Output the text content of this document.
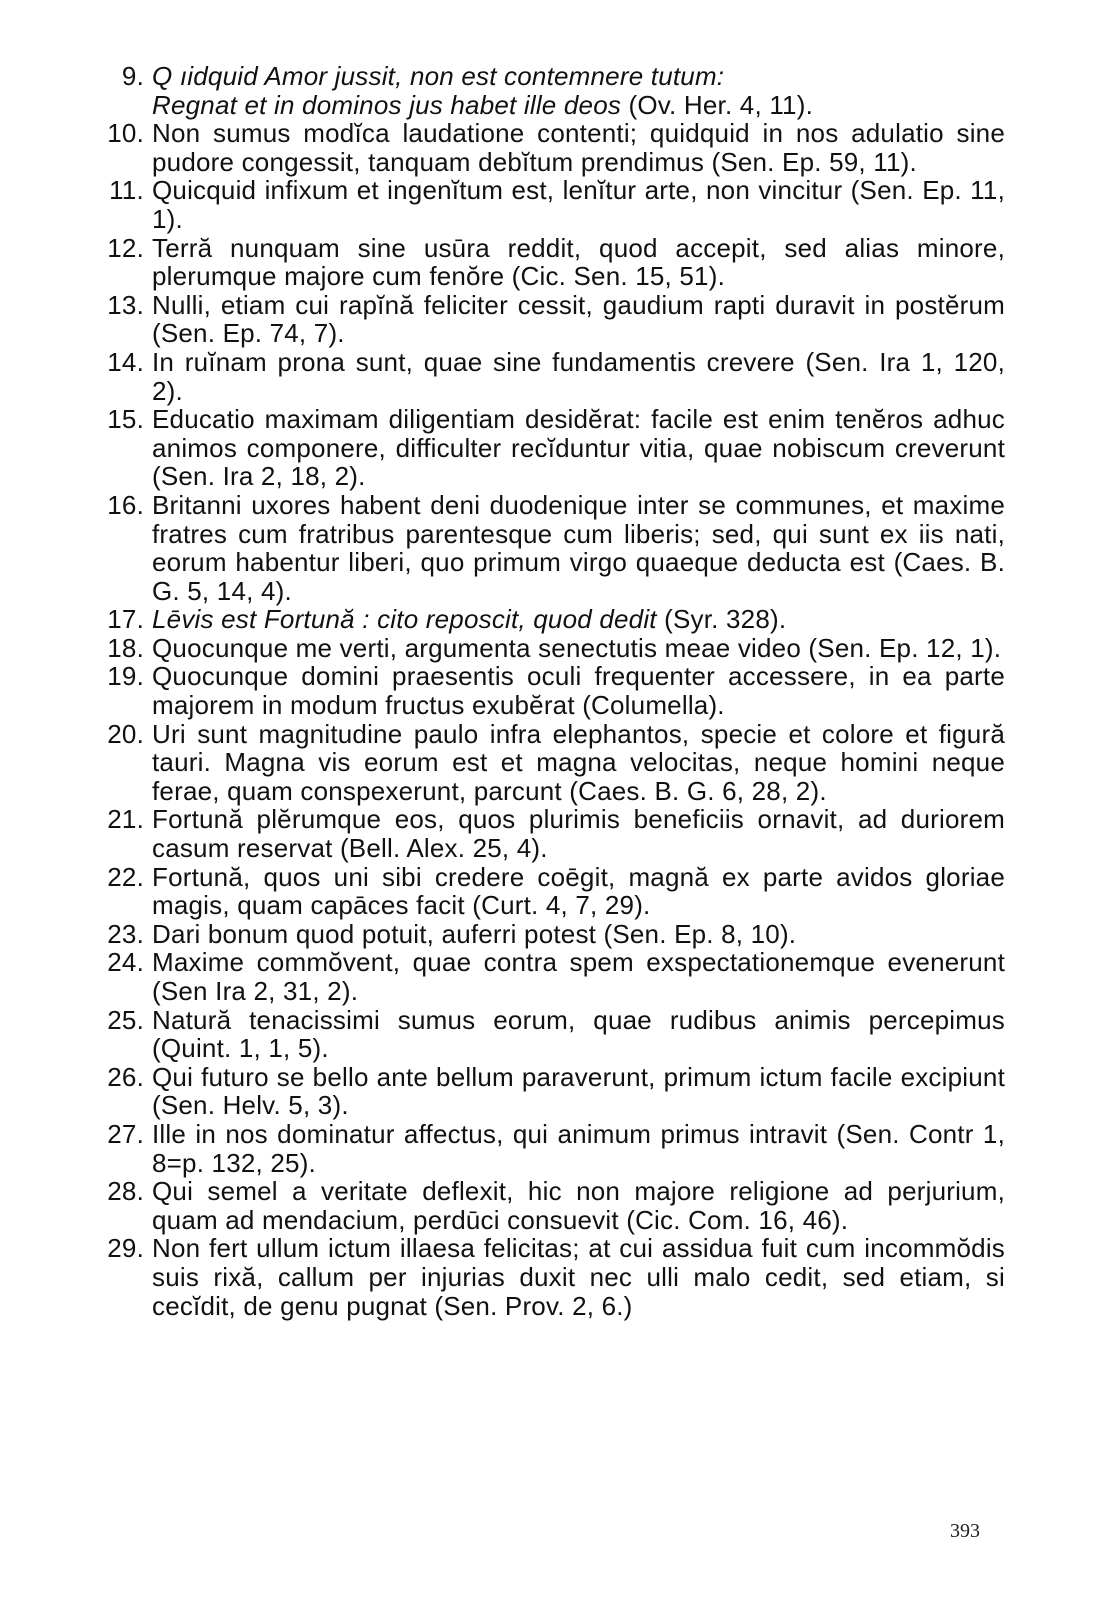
9. Q ıidquid Amor jussit, non est contemnere tutum:
Regnat et in dominos jus habet ille deos (Ov. Her. 4, 11).
10. Non sumus modĭca laudatione contenti; quidquid in nos adulatio sine pudore congessit, tanquam debĭtum prendimus (Sen. Ep. 59, 11).
11. Quicquid infixum et ingenĭtum est, lenĭtur arte, non vincitur (Sen. Ep. 11, 1).
12. Terră nunquam sine usūra reddit, quod accepit, sed alias minore, plerumque majore cum fenŏre (Cic. Sen. 15, 51).
13. Nulli, etiam cui rapĭnă feliciter cessit, gaudium rapti duravit in postĕrum (Sen. Ep. 74, 7).
14. In ruĭnam prona sunt, quae sine fundamentis crevere (Sen. Ira 1, 120, 2).
15. Educatio maximam diligentiam desidĕrat: facile est enim tenĕros adhuc animos componere, difficulter recĭduntur vitia, quae nobiscum creverunt (Sen. Ira 2, 18, 2).
16. Britanni uxores habent deni duodenique inter se communes, et maxime fratres cum fratribus parentesque cum liberis; sed, qui sunt ex iis nati, eorum habentur liberi, quo primum virgo quaeque deducta est (Caes. B. G. 5, 14, 4).
17. Lēvis est Fortună : cito reposcit, quod dedit (Syr. 328).
18. Quocunque me verti, argumenta senectutis meae video (Sen. Ep. 12, 1).
19. Quocunque domini praesentis oculi frequenter accessere, in ea parte majorem in modum fructus exubĕrat (Columella).
20. Uri sunt magnitudine paulo infra elephantos, specie et colore et figură tauri. Magna vis eorum est et magna velocitas, neque homini neque ferae, quam conspexerunt, parcunt (Caes. B. G. 6, 28, 2).
21. Fortună plĕrumque eos, quos plurimis beneficiis ornavit, ad duriorem casum reservat (Bell. Alex. 25, 4).
22. Fortună, quos uni sibi credere coēgit, magnă ex parte avidos gloriae magis, quam capāces facit (Curt. 4, 7, 29).
23. Dari bonum quod potuit, auferri potest (Sen. Ep. 8, 10).
24. Maxime commŏvent, quae contra spem exspectationemque evenerunt (Sen Ira 2, 31, 2).
25. Natură tenacissimi sumus eorum, quae rudibus animis percepimus (Quint. 1, 1, 5).
26. Qui futuro se bello ante bellum paraverunt, primum ictum facile excipiunt (Sen. Helv. 5, 3).
27. Ille in nos dominatur affectus, qui animum primus intravit (Sen. Contr 1, 8=p. 132, 25).
28. Qui semel a veritate deflexit, hic non majore religione ad perjurium, quam ad mendacium, perdūci consuevit (Cic. Com. 16, 46).
29. Non fert ullum ictum illaesa felicitas; at cui assidua fuit cum incommŏdis suis rixă, callum per injurias duxit nec ulli malo cedit, sed etiam, si cecĭdit, de genu pugnat (Sen. Prov. 2, 6.)
393
